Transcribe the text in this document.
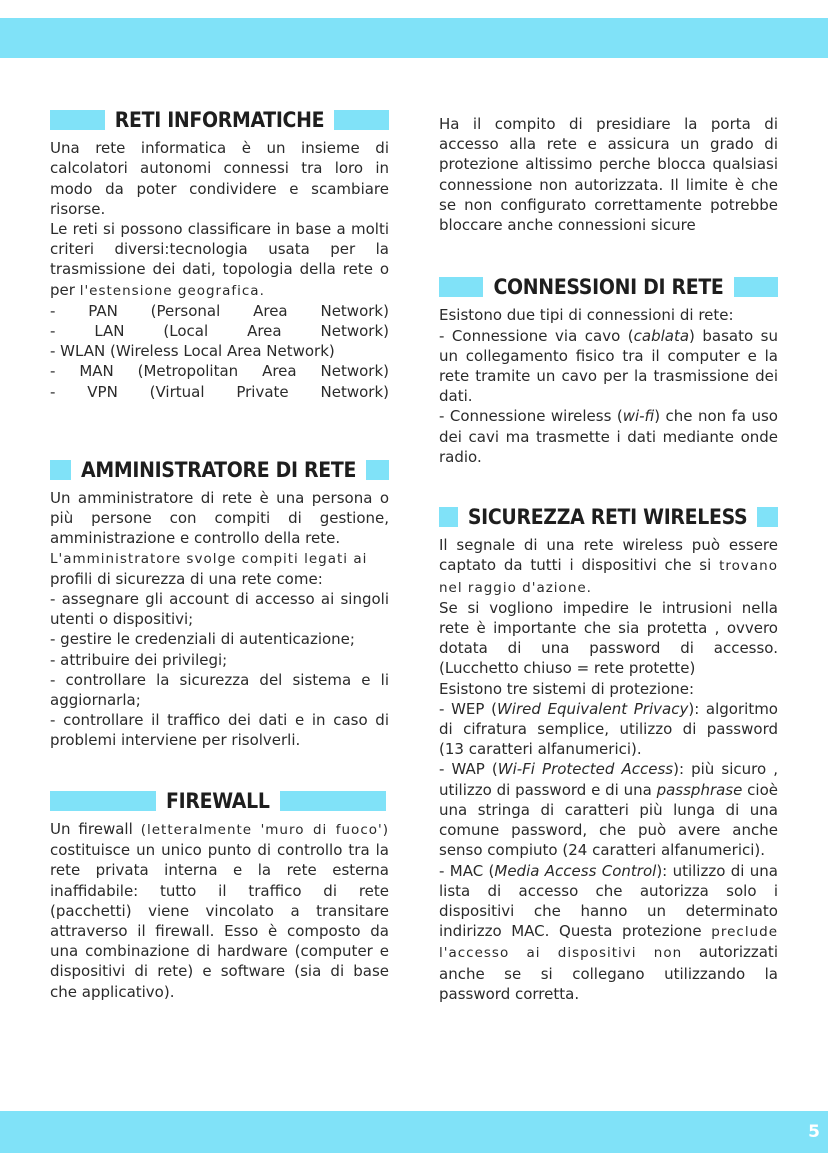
RETI INFORMATICHE

Una rete informatica è un insieme di calcolatori autonomi connessi tra loro in modo da poter condividere e scambiare risorse.

Le reti si possono classificare in base a molti criteri diversi:tecnologia usata per la trasmissione dei dati, topologia della rete o per l'estensione geografica.

- PAN (Personal Area Network)
-	LAN	(Local	Area	Network)
- WLAN (Wireless Local Area Network)
- MAN (Metropolitan Area Network)
- VPN (Virtual Private Network)
AMMINISTRATORE DI RETE

Un amministratore di rete è una persona o più persone con compiti di gestione, amministrazione e controllo della rete.

L'amministratore svolge compiti legati ai

profili di sicurezza di una rete come:

- assegnare gli account di accesso ai singoli utenti o dispositivi;

- gestire le credenziali di autenticazione;

- attribuire dei privilegi;

- controllare la sicurezza del sistema e li aggiornarla;

- controllare il traffico dei dati e in caso di problemi interviene per risolverli.

FIREWALL

Un firewall (letteralmente 'muro di fuoco') costituisce un unico punto di controllo tra la rete privata interna e la rete esterna inaffidabile: tutto il traffico di rete (pacchetti) viene vincolato a transitare attraverso il firewall. Esso è composto da una combinazione di hardware (computer e dispositivi di rete) e software (sia di base che applicativo).

Ha il compito di presidiare la porta di accesso alla rete e assicura un grado di protezione altissimo perche blocca qualsiasi connessione non autorizzata. Il limite è che se non configurato correttamente potrebbe bloccare anche connessioni sicure

CONNESSIONI DI RETE

Esistono due tipi di connessioni di rete:

- Connessione via cavo (cablata) basato su un collegamento fisico tra il computer e la rete tramite un cavo per la trasmissione dei dati.

- Connessione wireless (wi-fi) che non fa uso dei cavi ma trasmette i dati mediante onde radio.

SICUREZZA RETI WIRELESS

Il segnale di una rete wireless può essere captato da tutti i dispositivi che si trovano nel raggio d'azione.

Se si vogliono impedire le intrusioni nella rete è importante che sia protetta , ovvero dotata di una password di accesso. (Lucchetto chiuso = rete protette)

Esistono tre sistemi di protezione:

- WEP (Wired Equivalent Privacy): algoritmo di cifratura semplice, utilizzo di password (13 caratteri alfanumerici).

- WAP (Wi-Fi Protected Access): più sicuro , utilizzo di password e di una passphrase cioè una stringa di caratteri più lunga di una comune password, che può avere anche senso compiuto (24 caratteri alfanumerici).

- MAC (Media Access Control): utilizzo di una lista di accesso che autorizza solo i dispositivi che hanno un determinato indirizzo MAC. Questa protezione preclude l'accesso ai dispositivi non autorizzati anche se si collegano utilizzando la password corretta.

5
